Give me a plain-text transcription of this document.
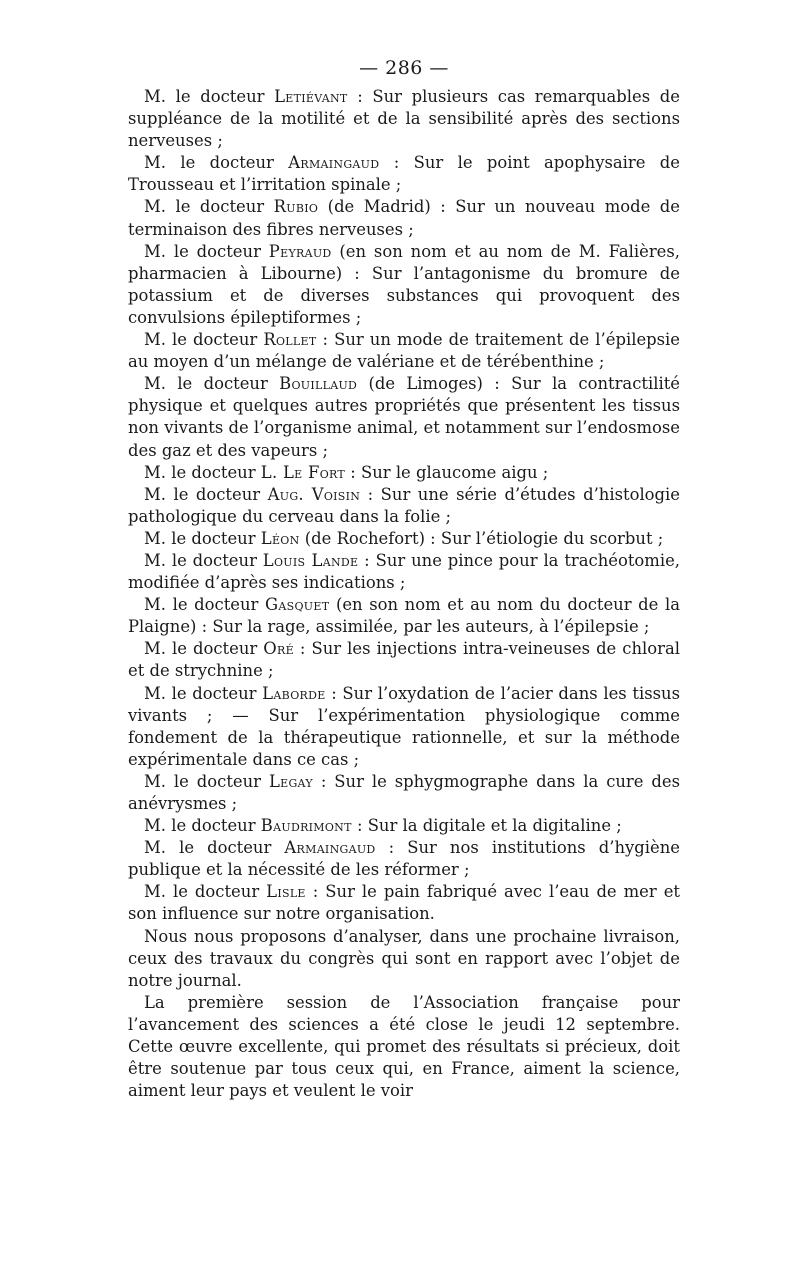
— 286 —

M. le docteur Letiévant : Sur plusieurs cas remarquables de suppléance de la motilité et de la sensibilité après des sections nerveuses ;

M. le docteur Armaingaud : Sur le point apophysaire de Trousseau et l’irritation spinale ;

M. le docteur Rubio (de Madrid) : Sur un nouveau mode de terminaison des fibres nerveuses ;

M. le docteur Peyraud (en son nom et au nom de M. Falières, pharmacien à Libourne) : Sur l’antagonisme du bromure de potassium et de diverses substances qui provoquent des convulsions épileptiformes ;

M. le docteur Rollet : Sur un mode de traitement de l’épilepsie au moyen d’un mélange de valériane et de térébenthine ;

M. le docteur Bouillaud (de Limoges) : Sur la contractilité physique et quelques autres propriétés que présentent les tissus non vivants de l’organisme animal, et notamment sur l’endosmose des gaz et des vapeurs ;

M. le docteur L. Le Fort : Sur le glaucome aigu ;

M. le docteur Aug. Voisin : Sur une série d’études d’histologie pathologique du cerveau dans la folie ;

M. le docteur Léon (de Rochefort) : Sur l’étiologie du scorbut ;

M. le docteur Louis Lande : Sur une pince pour la trachéotomie, modifiée d’après ses indications ;

M. le docteur Gasquet (en son nom et au nom du docteur de la Plaigne) : Sur la rage, assimilée, par les auteurs, à l’épilepsie ;

M. le docteur Oré : Sur les injections intra-veineuses de chloral et de strychnine ;

M. le docteur Laborde : Sur l’oxydation de l’acier dans les tissus vivants ; — Sur l’expérimentation physiologique comme fondement de la thérapeutique rationnelle, et sur la méthode expérimentale dans ce cas ;

M. le docteur Legay : Sur le sphygmographe dans la cure des anévrysmes ;

M. le docteur Baudrimont : Sur la digitale et la digitaline ;

M. le docteur Armaingaud : Sur nos institutions d’hygiène publique et la nécessité de les réformer ;

M. le docteur Lisle : Sur le pain fabriqué avec l’eau de mer et son influence sur notre organisation.

Nous nous proposons d’analyser, dans une prochaine livraison, ceux des travaux du congrès qui sont en rapport avec l’objet de notre journal.

La première session de l’Association française pour l’avancement des sciences a été close le jeudi 12 septembre. Cette œuvre excellente, qui promet des résultats si précieux, doit être soutenue par tous ceux qui, en France, aiment la science, aiment leur pays et veulent le voir
